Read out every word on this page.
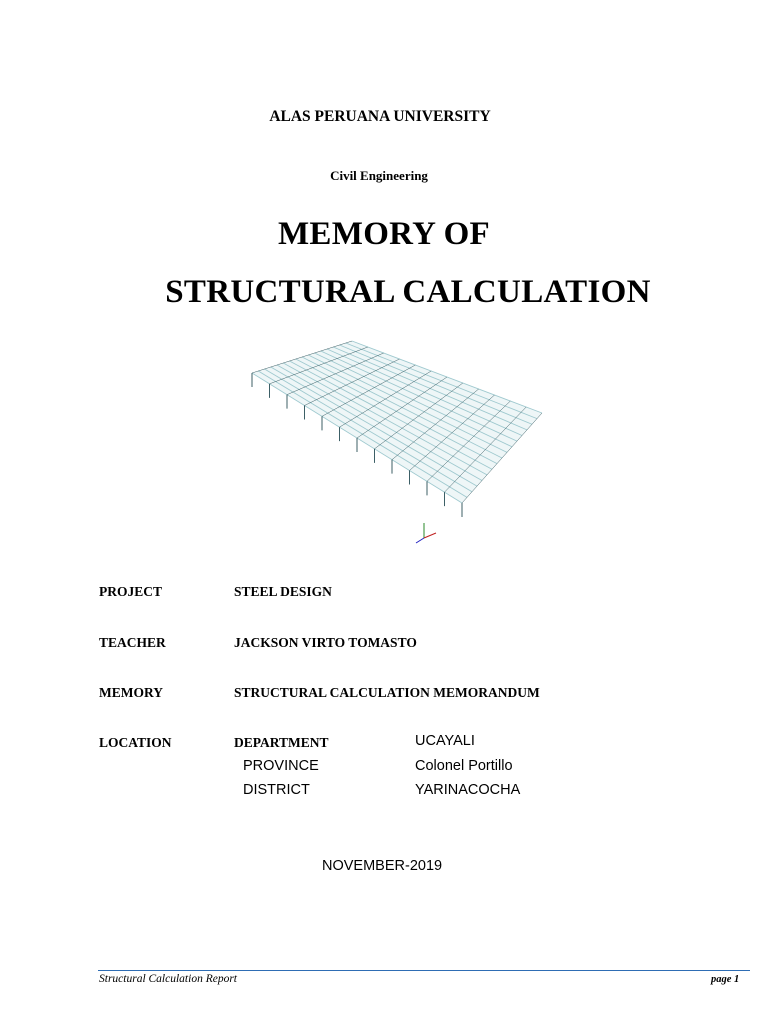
ALAS PERUANA UNIVERSITY
Civil Engineering
MEMORY OF
STRUCTURAL CALCULATION
PROJECT	STEEL DESIGN
TEACHER	JACKSON VIRTO TOMASTO
MEMORY	STRUCTURAL CALCULATION MEMORANDUM
LOCATION	DEPARTMENT	UCAYALI
PROVINCE	Colonel Portillo
DISTRICT	YARINACOCHA
NOVEMBER-2019
Structural Calculation Report	page 1
